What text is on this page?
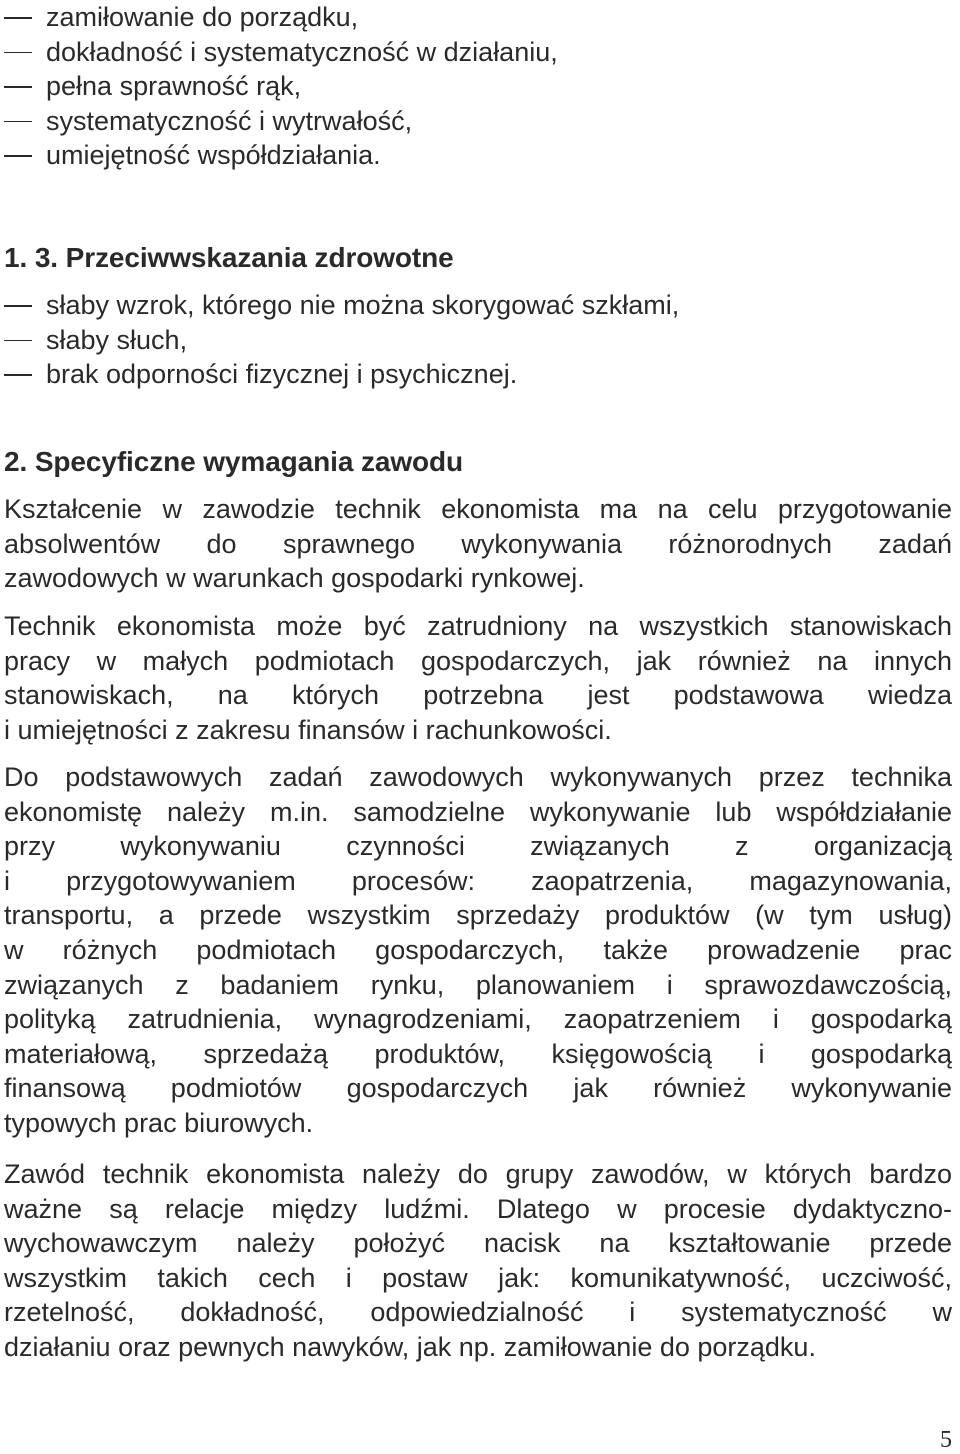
zamiłowanie do porządku,
dokładność i systematyczność w działaniu,
pełna sprawność rąk,
systematyczność i wytrwałość,
umiejętność współdziałania.
1. 3. Przeciwwskazania zdrowotne
słaby wzrok, którego nie można skorygować szkłami,
słaby słuch,
brak odporności fizycznej i psychicznej.
2. Specyficzne wymagania zawodu

Kształcenie w zawodzie technik ekonomista ma na celu przygotowanie
absolwentów do sprawnego wykonywania różnorodnych zadań
zawodowych w warunkach gospodarki rynkowej.

Technik ekonomista może być zatrudniony na wszystkich stanowiskach
pracy w małych podmiotach gospodarczych, jak również na innych
stanowiskach, na których potrzebna jest podstawowa wiedza
i umiejętności z zakresu finansów i rachunkowości.

Do podstawowych zadań zawodowych wykonywanych przez technika
ekonomistę należy m.in. samodzielne wykonywanie lub współdziałanie
przy wykonywaniu czynności związanych z organizacją
i przygotowywaniem procesów: zaopatrzenia, magazynowania,
transportu, a przede wszystkim sprzedaży produktów (w tym usług)
w różnych podmiotach gospodarczych, także prowadzenie prac
związanych z badaniem rynku, planowaniem i sprawozdawczością,
polityką zatrudnienia, wynagrodzeniami, zaopatrzeniem i gospodarką
materiałową, sprzedażą produktów, księgowością i gospodarką
finansową podmiotów gospodarczych jak również wykonywanie
typowych prac biurowych.

Zawód technik ekonomista należy do grupy zawodów, w których bardzo
ważne są relacje między ludźmi. Dlatego w procesie dydaktyczno-
wychowawczym należy położyć nacisk na kształtowanie przede
wszystkim takich cech i postaw jak: komunikatywność, uczciwość,
rzetelność, dokładność, odpowiedzialność i systematyczność w
działaniu oraz pewnych nawyków, jak np. zamiłowanie do porządku.

5
